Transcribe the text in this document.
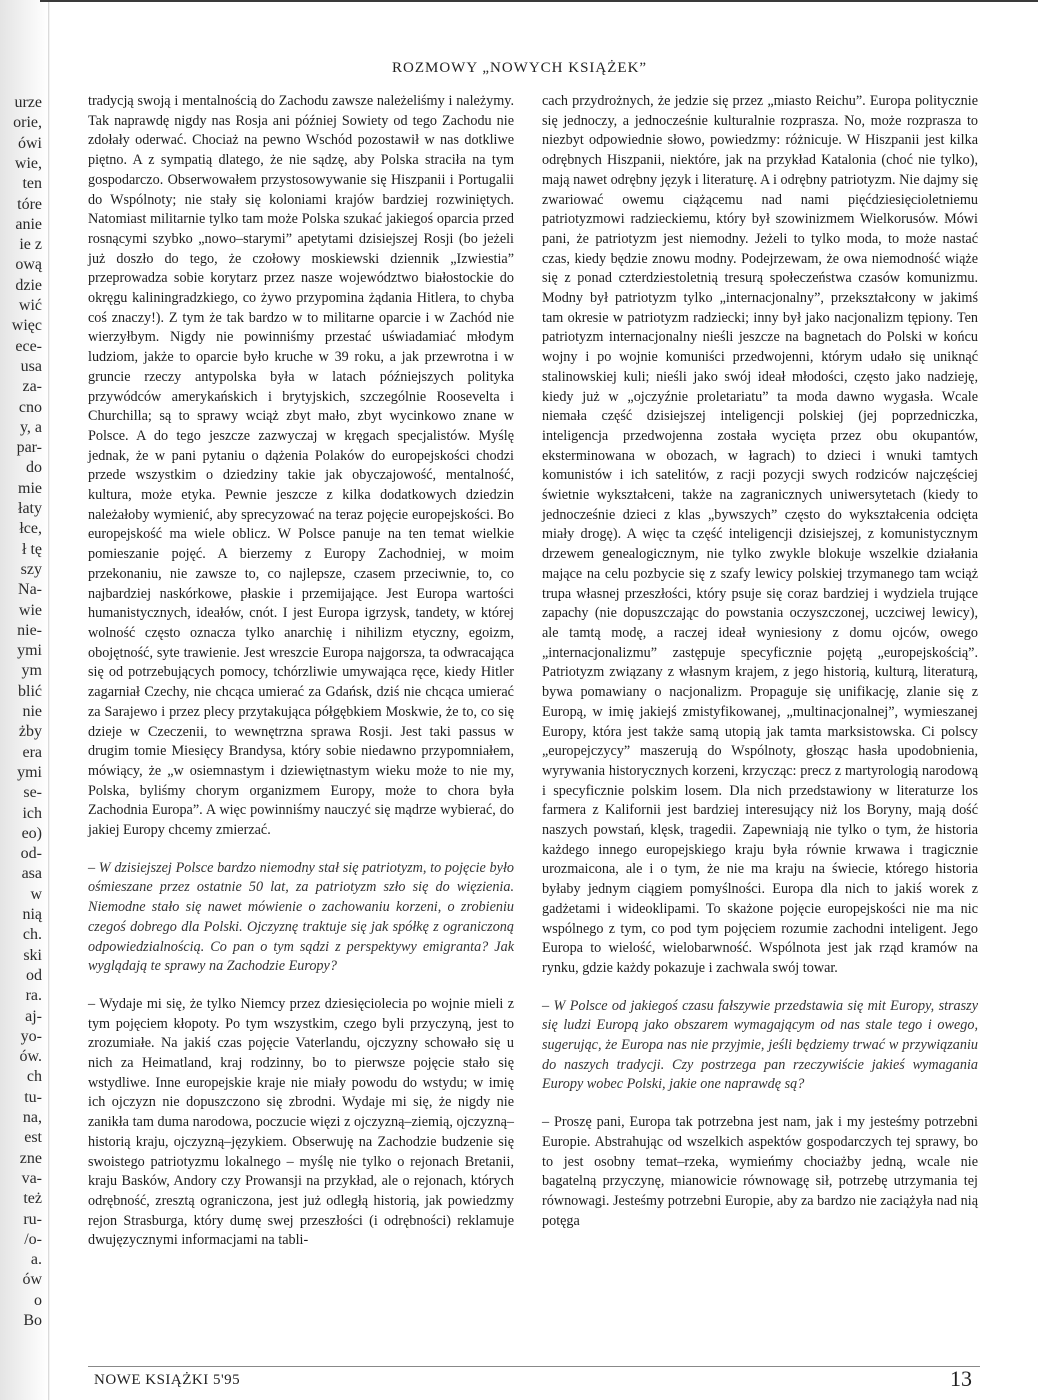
urze
orie,
ówi
wie,
ten
tóre
anie
ie z
ową
dzie
wić
więc
ece-
usa
za-
cno
y, a
par-
do
mie
łaty
łce,
ł tę
szy
Na-
wie
nie-
ymi
ym
blić
nie
żby
era
ymi
se-
ich
eo)
od-
asa
w
nią
ch.
ski
od
ra.
aj-
yo-
ów.
ch
tu-
na,
est
zne
va-
też
ru-
/o-
a.
ów
o
Bo
ROZMOWY „NOWYCH KSIĄŻEK”

tradycją swoją i mentalnością do Zachodu zawsze należeliśmy i należymy. Tak naprawdę nigdy nas Rosja ani później Sowiety od tego Zachodu nie zdołały oderwać. Chociaż na pewno Wschód pozostawił w nas dotkliwe piętno. A z sympatią dlatego, że nie sądzę, aby Polska straciła na tym gospodarczo. Obserwowałem przystosowywanie się Hiszpanii i Portugalii do Wspólnoty; nie stały się koloniami krajów bardziej rozwiniętych. Natomiast militarnie tylko tam może Polska szukać jakiegoś oparcia przed rosnącymi szybko „nowo–starymi” apetytami dzisiejszej Rosji (bo jeżeli już doszło do tego, że czołowy moskiewski dziennik „Izwiestia” przeprowadza sobie korytarz przez nasze województwo białostockie do okręgu kaliningradzkiego, co żywo przypomina żądania Hitlera, to chyba coś znaczy!). Z tym że tak bardzo w to militarne oparcie i w Zachód nie wierzyłbym. Nigdy nie powinniśmy przestać uświadamiać młodym ludziom, jakże to oparcie było kruche w 39 roku, a jak przewrotna i w gruncie rzeczy antypolska była w latach późniejszych polityka przywódców amerykańskich i brytyjskich, szczególnie Roosevelta i Churchilla; są to sprawy wciąż zbyt mało, zbyt wycinkowo znane w Polsce. A do tego jeszcze zazwyczaj w kręgach specjalistów. Myślę jednak, że w pani pytaniu o dążenia Polaków do europejskości chodzi przede wszystkim o dziedziny takie jak obyczajowość, mentalność, kultura, może etyka. Pewnie jeszcze z kilka dodatkowych dziedzin należałoby wymienić, aby sprecyzować na teraz pojęcie europejskości. Bo europejskość ma wiele oblicz. W Polsce panuje na ten temat wielkie pomieszanie pojęć. A bierzemy z Europy Zachodniej, w moim przekonaniu, nie zawsze to, co najlepsze, czasem przeciwnie, to, co najbardziej naskórkowe, płaskie i przemijające. Jest Europa wartości humanistycznych, ideałów, cnót. I jest Europa igrzysk, tandety, w której wolność często oznacza tylko anarchię i nihilizm etyczny, egoizm, obojętność, syte trawienie. Jest wreszcie Europa najgorsza, ta odwracająca się od potrzebujących pomocy, tchórzliwie umywająca ręce, kiedy Hitler zagarniał Czechy, nie chcąca umierać za Gdańsk, dziś nie chcąca umierać za Sarajewo i przez plecy przytakująca półgębkiem Moskwie, że to, co się dzieje w Czeczenii, to wewnętrzna sprawa Rosji. Jest taki passus w drugim tomie Miesięcy Brandysa, który sobie niedawno przypomniałem, mówiący, że „w osiemnastym i dziewiętnastym wieku może to nie my, Polska, byliśmy chorym organizmem Europy, może to chora była Zachodnia Europa”. A więc powinniśmy nauczyć się mądrze wybierać, do jakiej Europy chcemy zmierzać.

– W dzisiejszej Polsce bardzo niemodny stał się patriotyzm, to pojęcie było ośmieszane przez ostatnie 50 lat, za patriotyzm szło się do więzienia. Niemodne stało się nawet mówienie o zachowaniu korzeni, o zrobieniu czegoś dobrego dla Polski. Ojczyznę traktuje się jak spółkę z ograniczoną odpowiedzialnością. Co pan o tym sądzi z perspektywy emigranta? Jak wyglądają te sprawy na Zachodzie Europy?

– Wydaje mi się, że tylko Niemcy przez dziesięciolecia po wojnie mieli z tym pojęciem kłopoty. Po tym wszystkim, czego byli przyczyną, jest to zrozumiałe. Na jakiś czas pojęcie Vaterlandu, ojczyzny schowało się u nich za Heimatland, kraj rodzinny, bo to pierwsze pojęcie stało się wstydliwe. Inne europejskie kraje nie miały powodu do wstydu; w imię ich ojczyzn nie dopuszczono się zbrodni. Wydaje mi się, że nigdy nie zanikła tam duma narodowa, poczucie więzi z ojczyzną–ziemią, ojczyzną–historią kraju, ojczyzną–językiem. Obserwuję na Zachodzie budzenie się swoistego patriotyzmu lokalnego – myślę nie tylko o rejonach Bretanii, kraju Basków, Andory czy Prowansji na przykład, ale o rejonach, których odrębność, zresztą ograniczona, jest już odległą historią, jak powiedzmy rejon Strasburga, który dumę swej przeszłości (i odrębności) reklamuje dwujęzycznymi informacjami na tabli-

cach przydrożnych, że jedzie się przez „miasto Reichu”. Europa politycznie się jednoczy, a jednocześnie kulturalnie rozprasza. No, może rozprasza to niezbyt odpowiednie słowo, powiedzmy: różnicuje. W Hiszpanii jest kilka odrębnych Hiszpanii, niektóre, jak na przykład Katalonia (choć nie tylko), mają nawet odrębny język i literaturę. A i odrębny patriotyzm. Nie dajmy się zwariować owemu ciążącemu nad nami pięćdziesięcioletniemu patriotyzmowi radzieckiemu, który był szowinizmem Wielkorusów. Mówi pani, że patriotyzm jest niemodny. Jeżeli to tylko moda, to może nastać czas, kiedy będzie znowu modny. Podejrzewam, że owa niemodność wiąże się z ponad czterdziestoletnią tresurą społeczeństwa czasów komunizmu. Modny był patriotyzm tylko „internacjonalny”, przekształcony w jakimś tam okresie w patriotyzm radziecki; inny był jako nacjonalizm tępiony. Ten patriotyzm internacjonalny nieśli jeszcze na bagnetach do Polski w końcu wojny i po wojnie komuniści przedwojenni, którym udało się uniknąć stalinowskiej kuli; nieśli jako swój ideał młodości, często jako nadzieję, kiedy już w „ojczyźnie proletariatu” ta moda dawno wygasła. Wcale niemała część dzisiejszej inteligencji polskiej (jej poprzedniczka, inteligencja przedwojenna została wycięta przez obu okupantów, eksterminowana w obozach, w łagrach) to dzieci i wnuki tamtych komunistów i ich satelitów, z racji pozycji swych rodziców najczęściej świetnie wykształceni, także na zagranicznych uniwersytetach (kiedy to jednocześnie dzieci z klas „bywszych” często do wykształcenia odcięta miały drogę). A więc ta część inteligencji dzisiejszej, z komunistycznym drzewem genealogicznym, nie tylko zwykle blokuje wszelkie działania mające na celu pozbycie się z szafy lewicy polskiej trzymanego tam wciąż trupa własnej przeszłości, który psuje się coraz bardziej i wydziela trujące zapachy (nie dopuszczając do powstania oczyszczonej, uczciwej lewicy), ale tamtą modę, a raczej ideał wyniesiony z domu ojców, owego „internacjonalizmu” zastępuje specyficznie pojętą „europejskością”. Patriotyzm związany z własnym krajem, z jego historią, kulturą, literaturą, bywa pomawiany o nacjonalizm. Propaguje się unifikację, zlanie się z Europą, w imię jakiejś zmistyfikowanej, „multinacjonalnej”, wymieszanej Europy, która jest także samą utopią jak tamta marksistowska. Ci polscy „europejczycy” maszerują do Wspólnoty, głosząc hasła upodobnienia, wyrywania historycznych korzeni, krzycząc: precz z martyrologią narodową i specyficznie polskim losem. Dla nich przedstawiony w literaturze los farmera z Kalifornii jest bardziej interesujący niż los Boryny, mają dość naszych powstań, klęsk, tragedii. Zapewniają nie tylko o tym, że historia każdego innego europejskiego kraju była równie krwawa i tragicznie urozmaicona, ale i o tym, że nie ma kraju na świecie, którego historia byłaby jednym ciągiem pomyślności. Europa dla nich to jakiś worek z gadżetami i wideoklipami. To skażone pojęcie europejskości nie ma nic wspólnego z tym, co pod tym pojęciem rozumie zachodni inteligent. Jego Europa to wielość, wielobarwność. Wspólnota jest jak rząd kramów na rynku, gdzie każdy pokazuje i zachwala swój towar.

– W Polsce od jakiegoś czasu fałszywie przedstawia się mit Europy, straszy się ludzi Europą jako obszarem wymagającym od nas stale tego i owego, sugerując, że Europa nas nie przyjmie, jeśli będziemy trwać w przywiązaniu do naszych tradycji. Czy postrzega pan rzeczywiście jakieś wymagania Europy wobec Polski, jakie one naprawdę są?

– Proszę pani, Europa tak potrzebna jest nam, jak i my jesteśmy potrzebni Europie. Abstrahując od wszelkich aspektów gospodarczych tej sprawy, bo to jest osobny temat–rzeka, wymieńmy chociażby jedną, wcale nie bagatelną przyczynę, mianowicie równowagę sił, potrzebę utrzymania tej równowagi. Jesteśmy potrzebni Europie, aby za bardzo nie zaciążyła nad nią potęga

NOWE KSIĄŻKI 5'95	13
